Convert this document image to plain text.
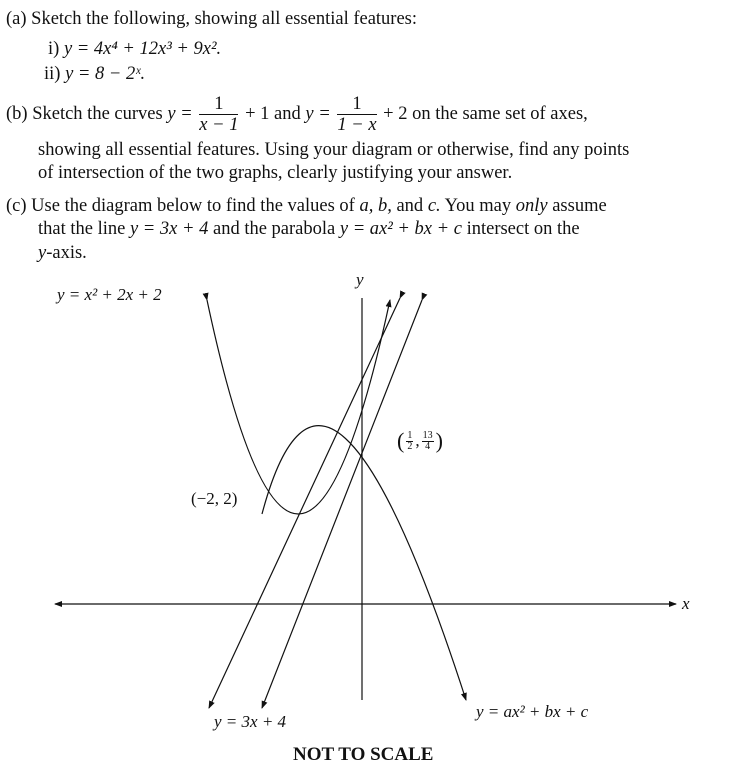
(a) Sketch the following, showing all essential features:
i) y = 4x⁴ + 12x³ + 9x².
ii) y = 8 − 2ˣ.
(b) Sketch the curves $y = \frac{1}{x - 1} + 1$ and $y = \frac{1}{1 - x} + 2$ on the same set of axes,
showing all essential features. Using your diagram or otherwise, find any points
of intersection of the two graphs, clearly justifying your answer.
(c) Use the diagram below to find the values of a, b, and c. You may only assume
that the line y = 3x + 4 and the parabola y = ax² + bx + c intersect on the
y-axis.
y = x² + 2x + 2
y
x
(−2, 2)
( $\frac{1}{2}$ , $\frac{13}{4}$ )
y = 3x + 4
y = ax² + bx + c
NOT TO SCALE
